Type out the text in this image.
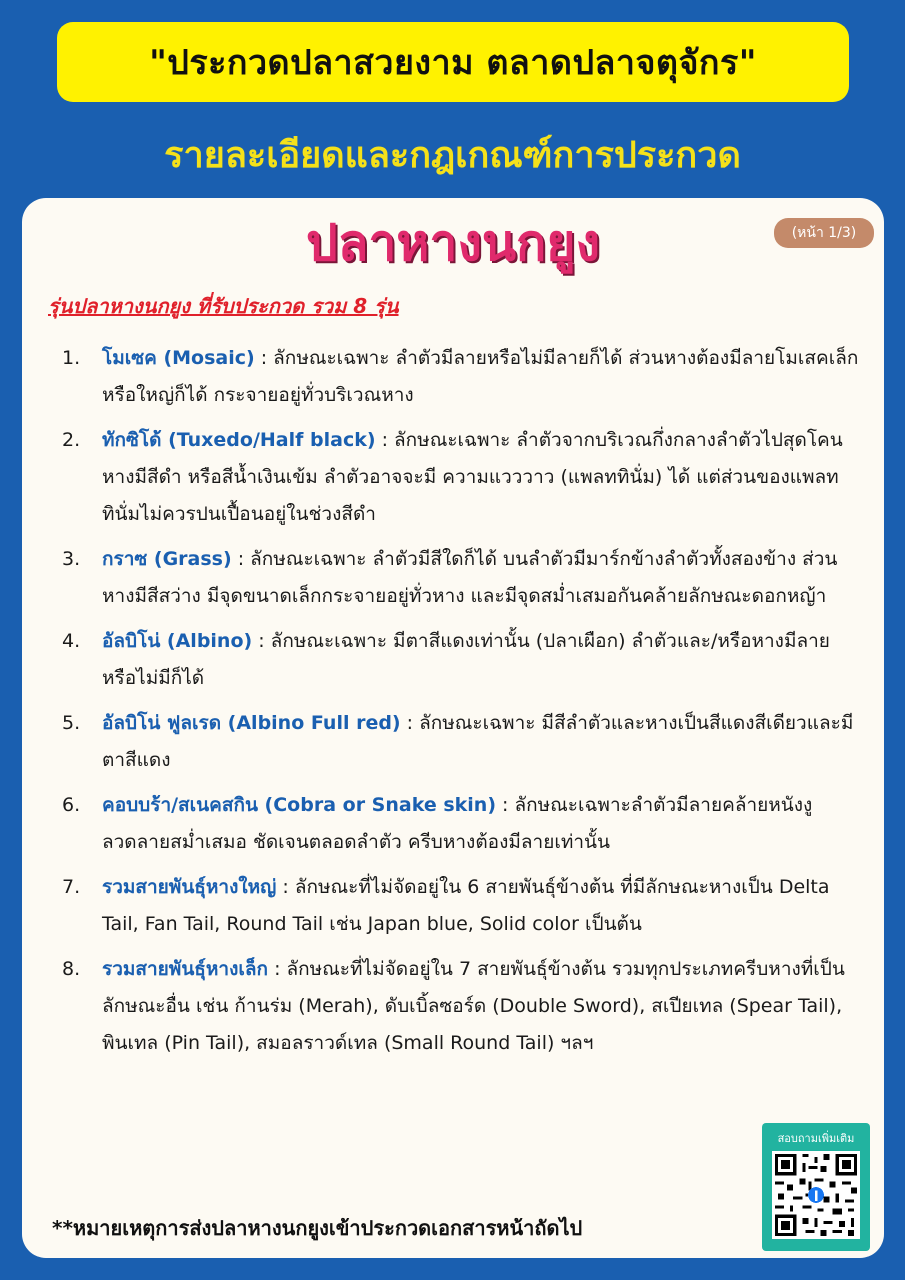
"ประกวดปลาสวยงาม ตลาดปลาจตุจักร"
รายละเอียดและกฎเกณฑ์การประกวด
ปลาหางนกยูง	(หน้า 1/3)
รุ่นปลาหางนกยูง ที่รับประกวด รวม 8 รุ่น
1. โมเซค (Mosaic) : ลักษณะเฉพาะ ลำตัวมีลายหรือไม่มีลายก็ได้ ส่วนหางต้องมีลายโมเสคเล็กหรือใหญ่ก็ได้ กระจายอยู่ทั่วบริเวณหาง
2. ทักซิโด้ (Tuxedo/Half black) : ลักษณะเฉพาะ ลำตัวจากบริเวณกึ่งกลางลำตัวไปสุดโคนหางมีสีดำ หรือสีน้ำเงินเข้ม ลำตัวอาจจะมี ความแวววาว (แพลททินั่ม) ได้ แต่ส่วนของแพลททินั่มไม่ควรปนเปื้อนอยู่ในช่วงสีดำ
3. กราซ (Grass) : ลักษณะเฉพาะ ลำตัวมีสีใดก็ได้ บนลำตัวมีมาร์กข้างลำตัวทั้งสองข้าง ส่วนหางมีสีสว่าง มีจุดขนาดเล็กกระจายอยู่ทั่วหาง และมีจุดสม่ำเสมอกันคล้ายลักษณะดอกหญ้า
4. อัลบิโน่ (Albino) : ลักษณะเฉพาะ มีตาสีแดงเท่านั้น (ปลาเผือก) ลำตัวและ/หรือหางมีลายหรือไม่มีก็ได้
5. อัลบิโน่ ฟูลเรด (Albino Full red) : ลักษณะเฉพาะ มีสีลำตัวและหางเป็นสีแดงสีเดียวและมีตาสีแดง
6. คอบบร้า/สเนคสกิน (Cobra or Snake skin) : ลักษณะเฉพาะลำตัวมีลายคล้ายหนังงู ลวดลายสม่ำเสมอ ชัดเจนตลอดลำตัว ครีบหางต้องมีลายเท่านั้น
7. รวมสายพันธุ์หางใหญ่ : ลักษณะที่ไม่จัดอยู่ใน 6 สายพันธุ์ข้างต้น ที่มีลักษณะหางเป็น Delta Tail, Fan Tail, Round Tail เช่น Japan blue, Solid color เป็นต้น
8. รวมสายพันธุ์หางเล็ก : ลักษณะที่ไม่จัดอยู่ใน 7 สายพันธุ์ข้างต้น รวมทุกประเภทครีบหางที่เป็นลักษณะอื่น เช่น ก้านร่ม (Merah), ดับเบิ้ลซอร์ด (Double Sword), สเปียเทล (Spear Tail), พินเทล (Pin Tail), สมอลราวด์เทล (Small Round Tail) ฯลฯ
**หมายเหตุการส่งปลาหางนกยูงเข้าประกวดเอกสารหน้าถัดไป
สอบถามเพิ่มเติม
